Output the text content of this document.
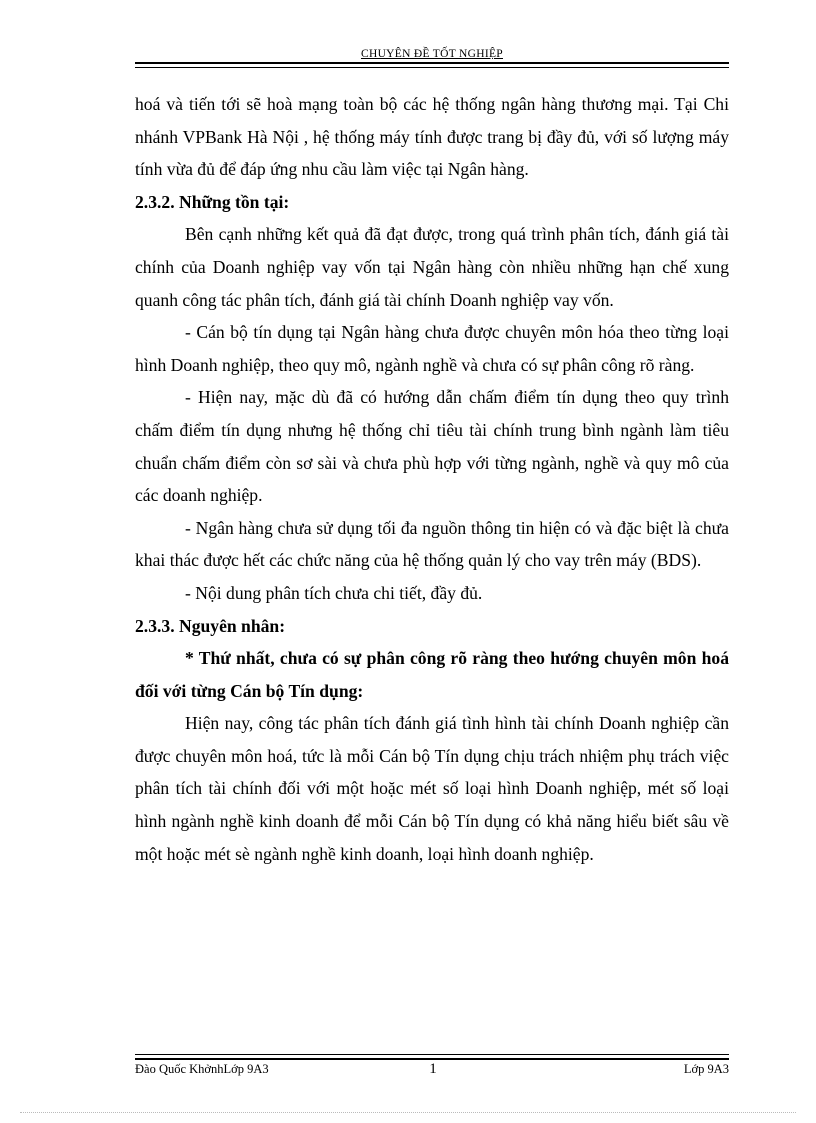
CHUYÊN ĐỀ TỐT NGHIỆP

hoá và tiến tới sẽ hoà mạng toàn bộ các hệ thống ngân hàng thương mại. Tại Chi nhánh VPBank Hà Nội , hệ thống máy tính được trang bị đầy đủ, với số lượng máy tính vừa đủ để đáp ứng nhu cầu làm việc tại Ngân hàng.

2.3.2. Những tồn tại:

Bên cạnh những kết quả đã đạt được, trong quá trình phân tích, đánh giá tài chính của Doanh nghiệp vay vốn tại Ngân hàng còn nhiều những hạn chế xung quanh công tác phân tích, đánh giá tài chính Doanh nghiệp vay vốn.

- Cán bộ tín dụng tại Ngân hàng chưa được chuyên môn hóa theo từng loại hình Doanh nghiệp, theo quy mô, ngành nghề và chưa có sự phân công rõ ràng.

- Hiện nay, mặc dù đã có hướng dẫn chấm điểm tín dụng theo quy trình chấm điểm tín dụng nhưng hệ thống chỉ tiêu tài chính trung bình ngành làm tiêu chuẩn chấm điểm còn sơ sài và chưa phù hợp với từng ngành, nghề và quy mô của các doanh nghiệp.

- Ngân hàng chưa sử dụng tối đa nguồn thông tin hiện có và đặc biệt là chưa khai thác được hết các chức năng của hệ thống quản lý cho vay trên máy (BDS).

- Nội dung phân tích chưa chi tiết, đầy đủ.

2.3.3. Nguyên nhân:

* Thứ nhất, chưa có sự phân công rõ ràng theo hướng chuyên môn hoá đối với từng Cán bộ Tín dụng:

Hiện nay, công tác phân tích đánh giá tình hình tài chính Doanh nghiệp cần được chuyên môn hoá, tức là mỗi Cán bộ Tín dụng chịu trách nhiệm phụ trách việc phân tích tài chính đối với một hoặc mét số loại hình Doanh nghiệp, mét số loại hình ngành nghề kinh doanh để mỗi Cán bộ Tín dụng có khả năng hiểu biết sâu về một hoặc mét sè ngành nghề kinh doanh, loại hình doanh nghiệp.

Đào Quốc KhởnhLớp 9A3	1	Lớp 9A3
